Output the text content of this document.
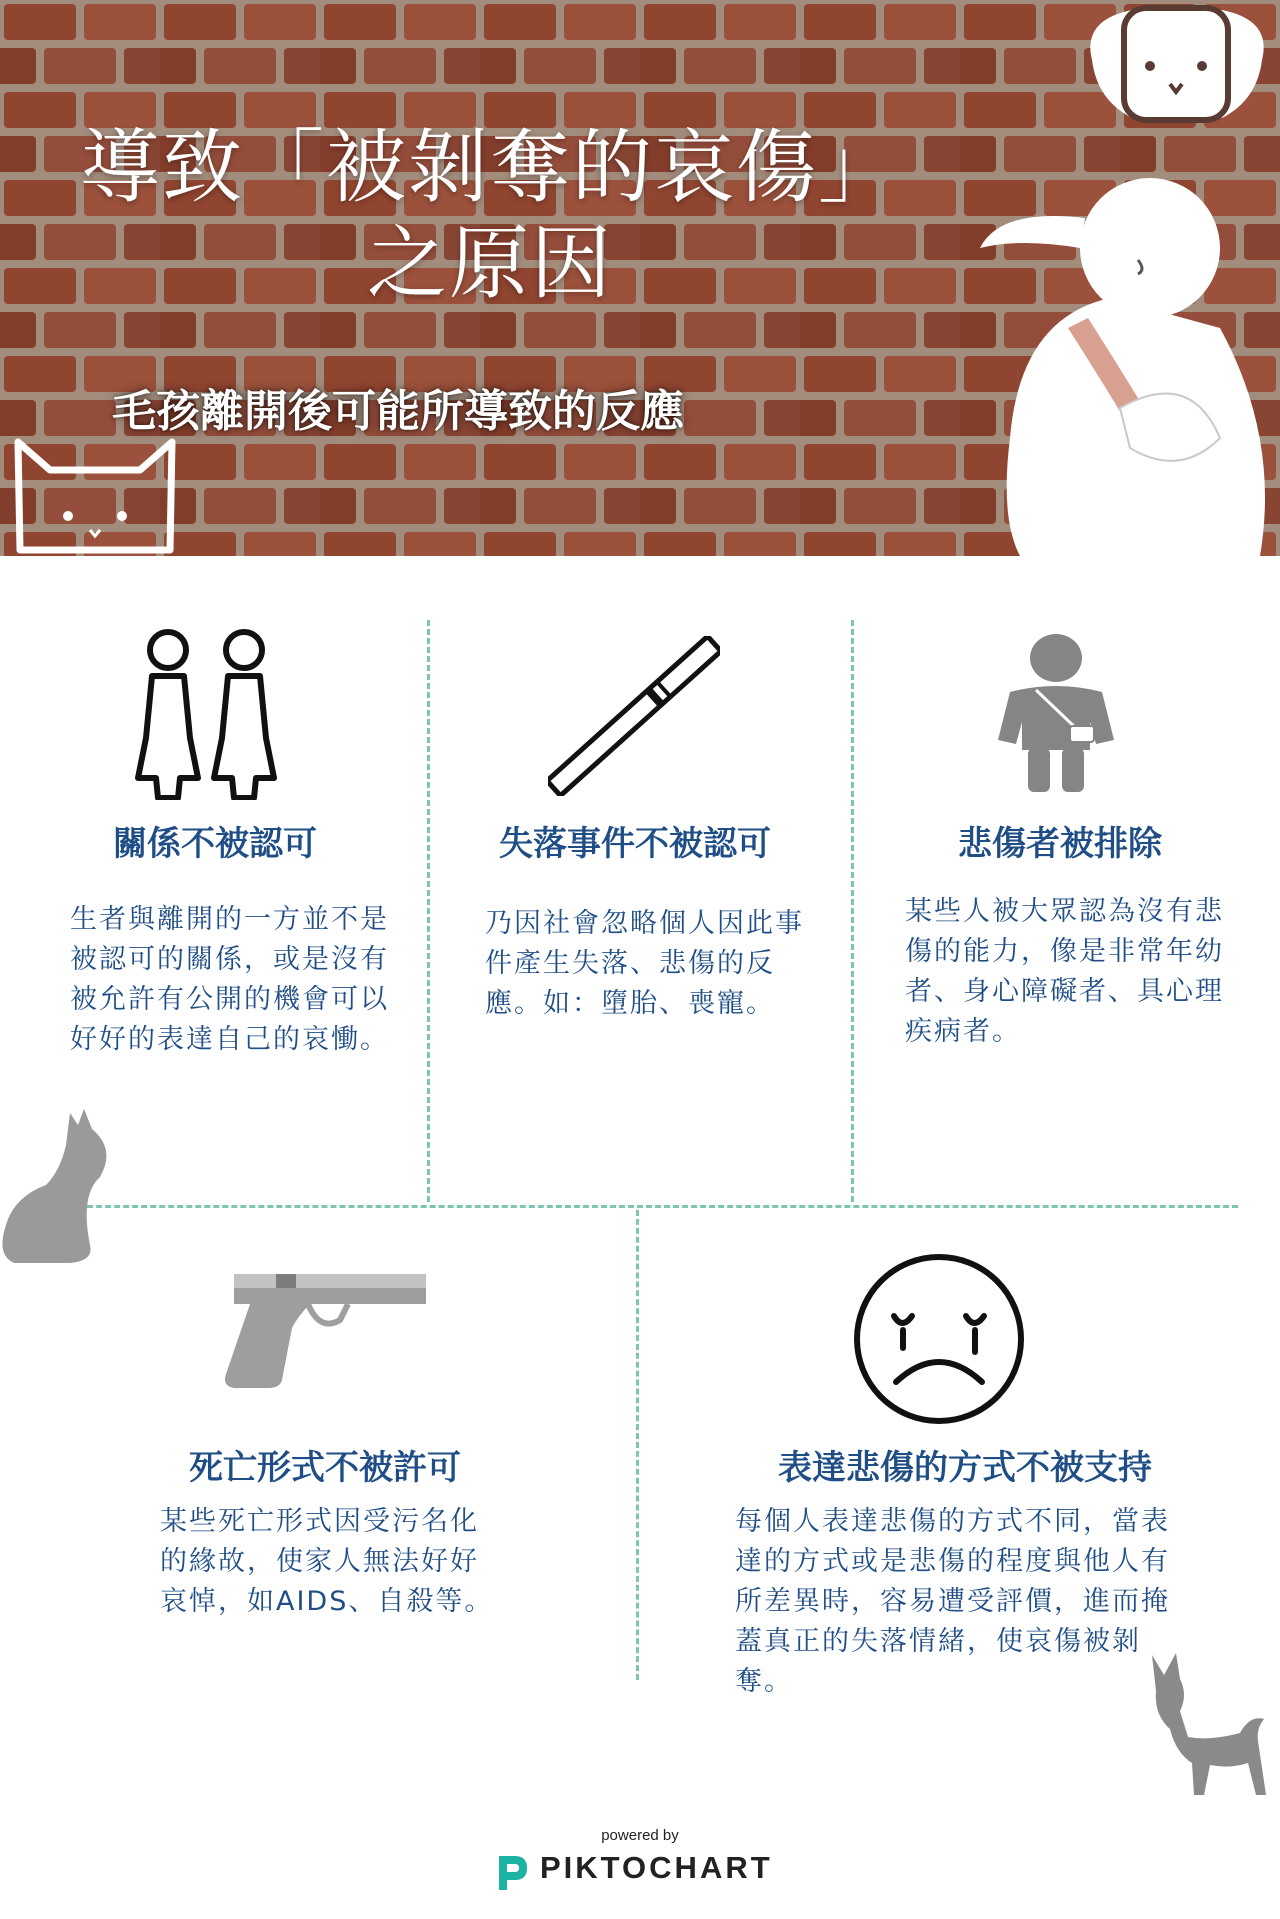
導致「被剝奪的哀傷」
之原因
毛孩離開後可能所導致的反應
關係不被認可
生者與離開的一方並不是被認可的關係，或是沒有被允許有公開的機會可以好好的表達自己的哀慟。
失落事件不被認可
乃因社會忽略個人因此事件產生失落、悲傷的反應。如：墮胎、喪寵。
悲傷者被排除
某些人被大眾認為沒有悲傷的能力，像是非常年幼者、身心障礙者、具心理疾病者。
死亡形式不被許可
某些死亡形式因受污名化的緣故，使家人無法好好哀悼，如AIDS、自殺等。
表達悲傷的方式不被支持
每個人表達悲傷的方式不同，當表達的方式或是悲傷的程度與他人有所差異時，容易遭受評價，進而掩蓋真正的失落情緒，使哀傷被剝奪。
powered by
PIKTOCHART
